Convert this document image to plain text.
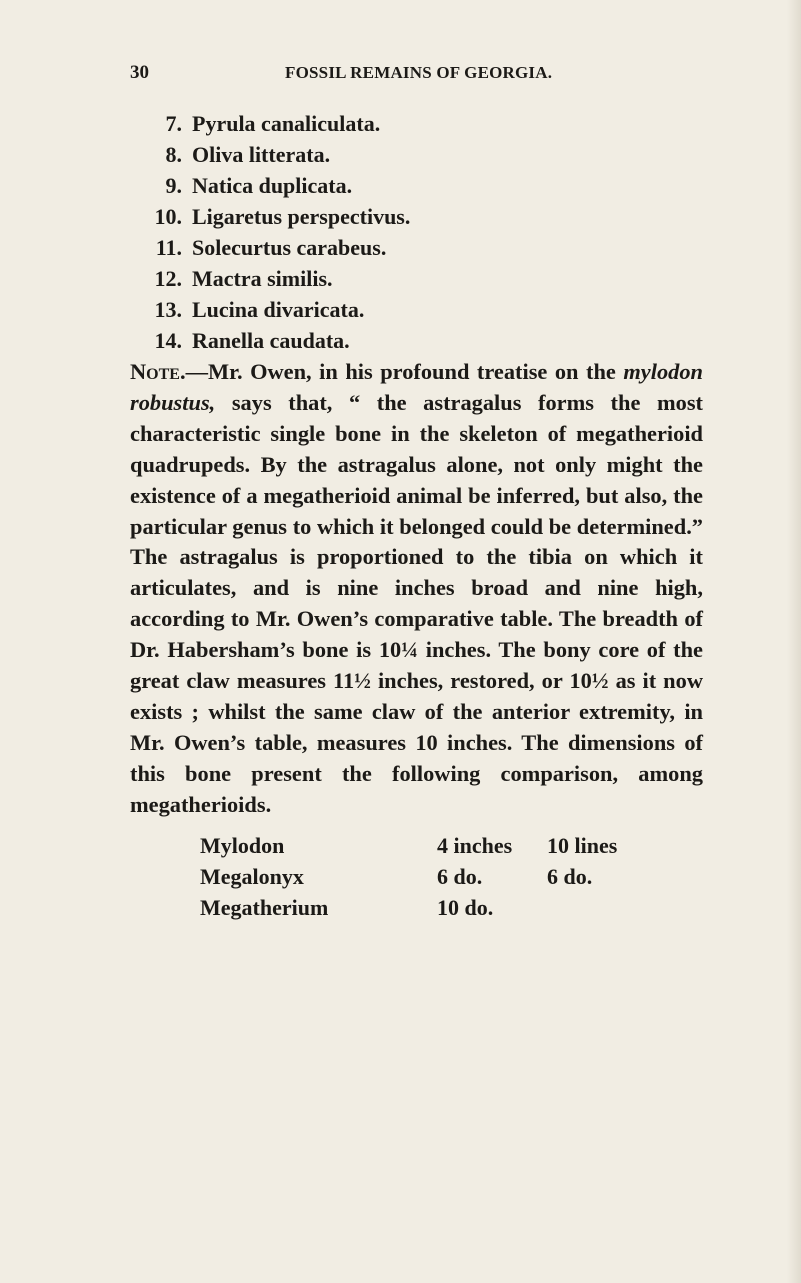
30	FOSSIL REMAINS OF GEORGIA.
7. Pyrula canaliculata.
8. Oliva litterata.
9. Natica duplicata.
10. Ligaretus perspectivus.
11. Solecurtus carabeus.
12. Mactra similis.
13. Lucina divaricata.
14. Ranella caudata.

Note.—Mr. Owen, in his profound treatise on the mylodon robustus, says that, “ the astragalus forms the most characteristic single bone in the skeleton of megatherioid quadrupeds. By the astragalus alone, not only might the existence of a megatherioid animal be inferred, but also, the particular genus to which it belonged could be determined.” The astragalus is proportioned to the tibia on which it articulates, and is nine inches broad and nine high, according to Mr. Owen’s comparative table. The breadth of Dr. Habersham’s bone is 10¼ inches. The bony core of the great claw measures 11½ inches, restored, or 10½ as it now exists ; whilst the same claw of the anterior extremity, in Mr. Owen’s table, measures 10 inches. The dimensions of this bone present the following comparison, among megatherioids.

Mylodon	4 inches 10 lines
Megalonyx	6 do.	6 do.
Megatherium	10 do.
